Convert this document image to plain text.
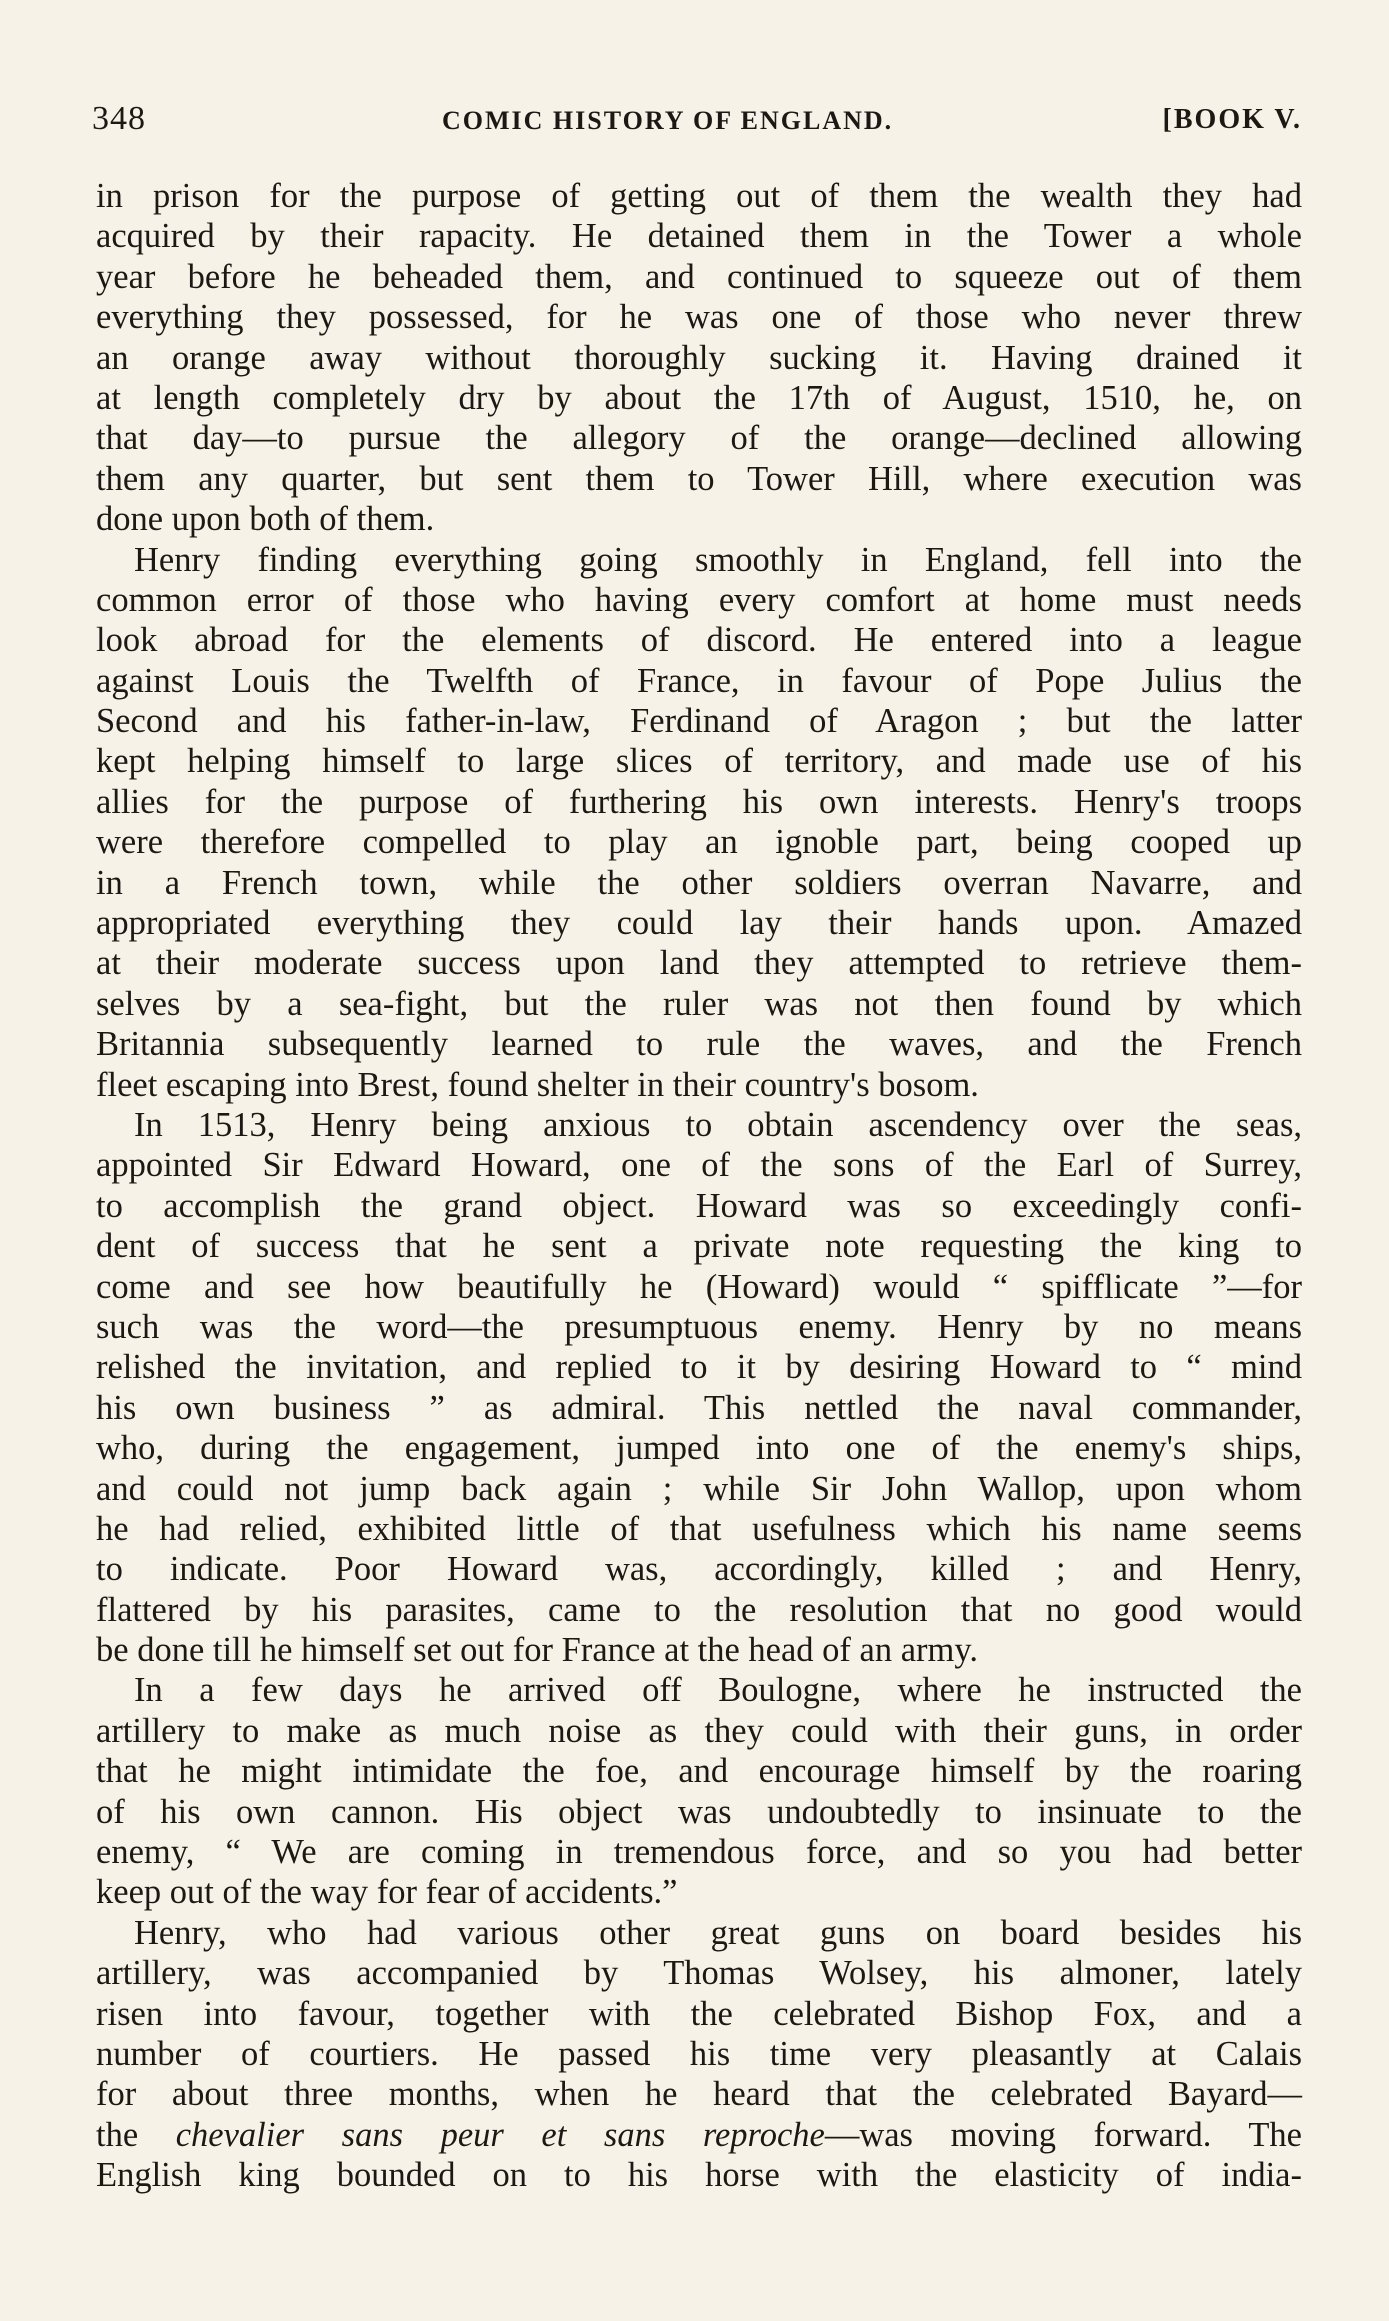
348	COMIC HISTORY OF ENGLAND.	[BOOK V.
in prison for the purpose of getting out of them the wealth they had
acquired by their rapacity. He detained them in the Tower a whole
year before he beheaded them, and continued to squeeze out of them
everything they possessed, for he was one of those who never threw
an orange away without thoroughly sucking it. Having drained it
at length completely dry by about the 17th of August, 1510, he, on
that day—to pursue the allegory of the orange—declined allowing
them any quarter, but sent them to Tower Hill, where execution was
done upon both of them.
Henry finding everything going smoothly in England, fell into the
common error of those who having every comfort at home must needs
look abroad for the elements of discord. He entered into a league
against Louis the Twelfth of France, in favour of Pope Julius the
Second and his father-in-law, Ferdinand of Aragon ; but the latter
kept helping himself to large slices of territory, and made use of his
allies for the purpose of furthering his own interests. Henry's troops
were therefore compelled to play an ignoble part, being cooped up
in a French town, while the other soldiers overran Navarre, and
appropriated everything they could lay their hands upon. Amazed
at their moderate success upon land they attempted to retrieve them-
selves by a sea-fight, but the ruler was not then found by which
Britannia subsequently learned to rule the waves, and the French
fleet escaping into Brest, found shelter in their country's bosom.
In 1513, Henry being anxious to obtain ascendency over the seas,
appointed Sir Edward Howard, one of the sons of the Earl of Surrey,
to accomplish the grand object. Howard was so exceedingly confi-
dent of success that he sent a private note requesting the king to
come and see how beautifully he (Howard) would “ spifflicate ”—for
such was the word—the presumptuous enemy. Henry by no means
relished the invitation, and replied to it by desiring Howard to “ mind
his own business ” as admiral. This nettled the naval commander,
who, during the engagement, jumped into one of the enemy's ships,
and could not jump back again ; while Sir John Wallop, upon whom
he had relied, exhibited little of that usefulness which his name seems
to indicate. Poor Howard was, accordingly, killed ; and Henry,
flattered by his parasites, came to the resolution that no good would
be done till he himself set out for France at the head of an army.
In a few days he arrived off Boulogne, where he instructed the
artillery to make as much noise as they could with their guns, in order
that he might intimidate the foe, and encourage himself by the roaring
of his own cannon. His object was undoubtedly to insinuate to the
enemy, “ We are coming in tremendous force, and so you had better
keep out of the way for fear of accidents.”
Henry, who had various other great guns on board besides his
artillery, was accompanied by Thomas Wolsey, his almoner, lately
risen into favour, together with the celebrated Bishop Fox, and a
number of courtiers. He passed his time very pleasantly at Calais
for about three months, when he heard that the celebrated Bayard—
the chevalier sans peur et sans reproche—was moving forward. The
English king bounded on to his horse with the elasticity of india-
